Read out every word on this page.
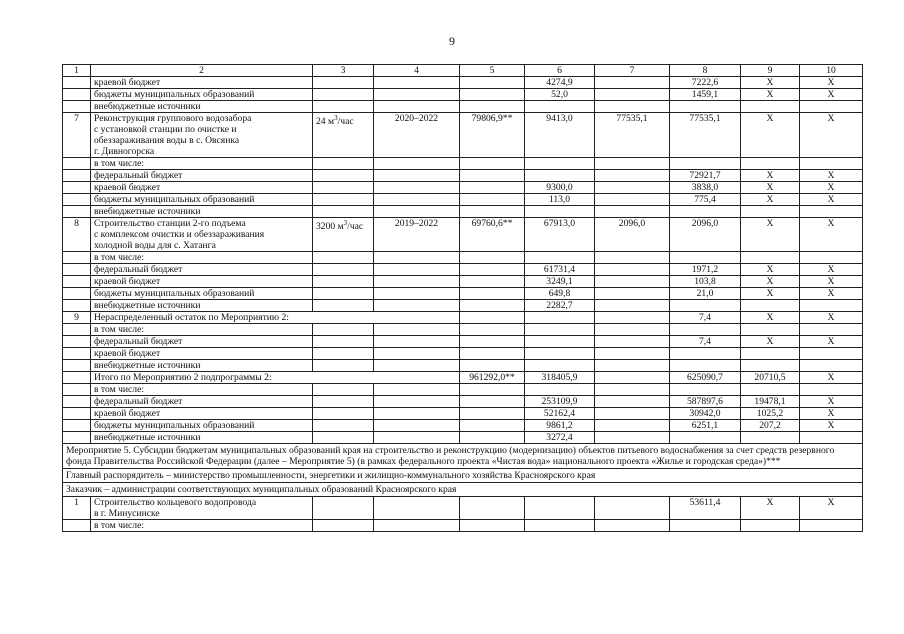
9
1	2	3	4	5	6	7	8	9	10
	краевой бюджет				4274,9		7222,6	X	X
	бюджеты муниципальных образований				52,0		1459,1	X	X
	внебюджетные источники								
7	Реконструкция группового водозабора
с установкой станции по очистке и
обеззараживания воды в с. Овсянка
г. Дивногорска	24 $м^3$/час	2020–2022	79806,9**	9413,0	77535,1	77535,1	X	X
	в том числе:								
	федеральный бюджет						72921,7	X	X
	краевой бюджет				9300,0		3838,0	X	X
	бюджеты муниципальных образований				113,0		775,4	X	X
	внебюджетные источники								
8	Строительство станции 2-го подъема
с комплексом очистки и обеззараживания
холодной воды для с. Хатанга	3200 $м^3$/час	2019–2022	69760,6**	67913,0	2096,0	2096,0	X	X
	в том числе:								
	федеральный бюджет				61731,4		1971,2	X	X
	краевой бюджет				3249,1		103,8	X	X
	бюджеты муниципальных образований				649,8		21,0	X	X
	внебюджетные источники				2282,7				
9	Нераспределенный остаток по Мероприятию 2:						7,4	X	X
	в том числе:								
	федеральный бюджет						7,4	X	X
	краевой бюджет								
	внебюджетные источники								
	Итого по Мероприятию 2 подпрограммы 2:			961292,0**	318405,9		625090,7	20710,5	X
	в том числе:								
	федеральный бюджет				253109,9		587897,6	19478,1	X
	краевой бюджет				52162,4		30942,0	1025,2	X
	бюджеты муниципальных образований				9861,2		6251,1	207,2	X
	внебюджетные источники				3272,4				
Мероприятие 5. Субсидии бюджетам муниципальных образований края на строительство и реконструкцию (модернизацию) объектов питьевого водоснабжения за счет средств резервного фонда Правительства Российской Федерации (далее – Мероприятие 5) (в рамках федерального проекта «Чистая вода» национального проекта «Жилье и городская среда»)***									
Главный распорядитель – министерство промышленности, энергетики и жилищно-коммунального хозяйства Красноярского края									
Заказчик – администрации соответствующих муниципальных образований Красноярского края									
1	Строительство кольцевого водопровода
в г. Минусинске						53611,4	X	X
	в том числе:								
